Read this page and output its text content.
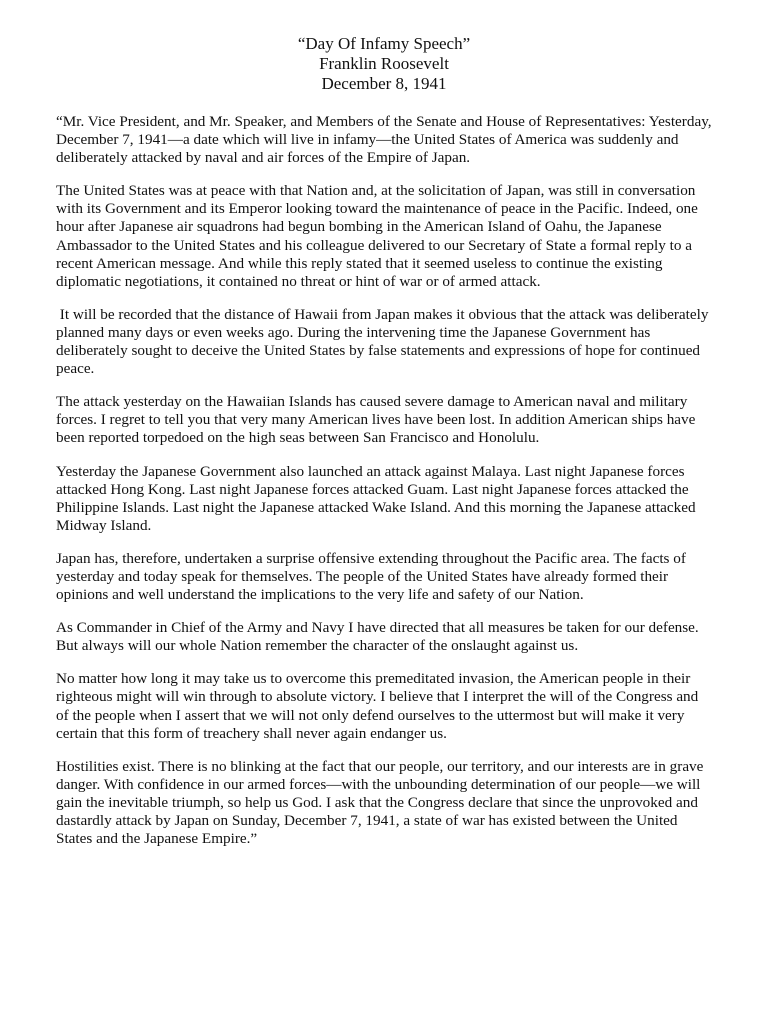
“Day Of Infamy Speech”
Franklin Roosevelt
December 8, 1941

“Mr. Vice President, and Mr. Speaker, and Members of the Senate and House of Representatives: Yesterday, December 7, 1941—a date which will live in infamy—the United States of America was suddenly and deliberately attacked by naval and air forces of the Empire of Japan.

The United States was at peace with that Nation and, at the solicitation of Japan, was still in conversation with its Government and its Emperor looking toward the maintenance of peace in the Pacific. Indeed, one hour after Japanese air squadrons had begun bombing in the American Island of Oahu, the Japanese Ambassador to the United States and his colleague delivered to our Secretary of State a formal reply to a recent American message. And while this reply stated that it seemed useless to continue the existing diplomatic negotiations, it contained no threat or hint of war or of armed attack.

It will be recorded that the distance of Hawaii from Japan makes it obvious that the attack was deliberately planned many days or even weeks ago. During the intervening time the Japanese Government has deliberately sought to deceive the United States by false statements and expressions of hope for continued peace.

The attack yesterday on the Hawaiian Islands has caused severe damage to American naval and military forces. I regret to tell you that very many American lives have been lost. In addition American ships have been reported torpedoed on the high seas between San Francisco and Honolulu.

Yesterday the Japanese Government also launched an attack against Malaya. Last night Japanese forces attacked Hong Kong. Last night Japanese forces attacked Guam. Last night Japanese forces attacked the Philippine Islands. Last night the Japanese attacked Wake Island. And this morning the Japanese attacked Midway Island.

Japan has, therefore, undertaken a surprise offensive extending throughout the Pacific area. The facts of yesterday and today speak for themselves. The people of the United States have already formed their opinions and well understand the implications to the very life and safety of our Nation.

As Commander in Chief of the Army and Navy I have directed that all measures be taken for our defense. But always will our whole Nation remember the character of the onslaught against us.

No matter how long it may take us to overcome this premeditated invasion, the American people in their righteous might will win through to absolute victory. I believe that I interpret the will of the Congress and of the people when I assert that we will not only defend ourselves to the uttermost but will make it very certain that this form of treachery shall never again endanger us.

Hostilities exist. There is no blinking at the fact that our people, our territory, and our interests are in grave danger. With confidence in our armed forces—with the unbounding determination of our people—we will gain the inevitable triumph, so help us God. I ask that the Congress declare that since the unprovoked and dastardly attack by Japan on Sunday, December 7, 1941, a state of war has existed between the United States and the Japanese Empire.”
